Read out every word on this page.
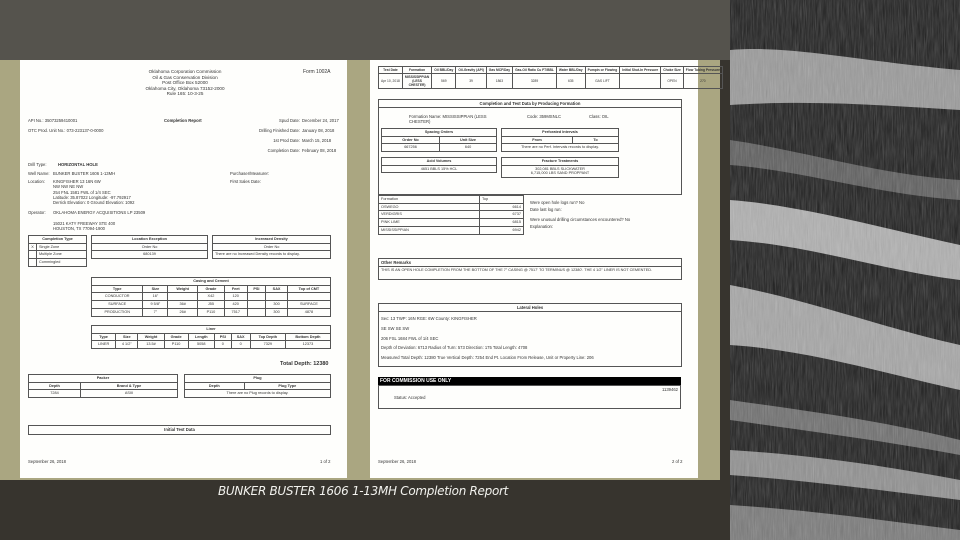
Oklahoma Corporation Commission
Oil & Gas Conservation Division
Post Office Box 52000
Oklahoma City, Oklahoma 73152-2000
Rule 165: 10-3-25
Form 1002A
API No.: 35073259410001
OTC Prod. Unit No.: 073-223137-0-0000
Completion Report	Spud Date: December 24, 2017
Drilling Finished Date: January 08, 2018
1st Prod Date: March 15, 2018
Completion Date: February 08, 2018
Drill Type:	HORIZONTAL HOLE
Well Name: BUNKER BUSTER 1606 1-13MH	Purchaser/Measurer:
First Sales Date:
Location: KINGFISHER 13 16N 6W
NW NW NE NW
254 FNL 1581 FWL of 1/4 SEC
Latitude: 35.87022 Longitude: -97.792917
Derrick Elevation: 0 Ground Elevation: 1092
Operator: OKLAHOMA ENERGY ACQUISITIONS LP 23509
15021 KATY FREEWAY STE 400
HOUSTON, TX 77094-1900
Completion Type	
X	Single Zone
	Multiple Zone
	Commingled
Location Exception
Order No
680139
Increased Density
Order No
There are no Increased Density records to display.
Casing and Cement							
Type	Size	Weight	Grade	Feet	PSI	SAX	Top of CMT
CONDUCTOR	16"		X42	120			
SURFACE	9 5/8"	36#	J55	420		300	SURFACE
PRODUCTION	7"	26#	P110	7517		300	4878
Liner								
Type	Size	Weight	Grade	Length	PSI	SAX	Top Depth	Bottom Depth
LINER	4 1/2"	13.5#	P110	5058	0	0	7329	12373
Total Depth: 12380
Packer	
Depth	Brand & Type
7284	ASIII
Plug
Depth	Plug Type
There are no Plug records to display.
Initial Test Data
September 26, 2018	1 of 2
Test Date	Formation	Oil BBL/Day	Oil-Gravity (API)	Gas MCF/Day	Gas-Oil Ratio Cu FT/BBL	Water BBL/Day	Pumpin or Flowing	Initial Shut-In Pressure	Choke Size	Flow Tubing Pressure
Apr 10, 2018	MISSISSIPPIAN (LESS CHESTER)	569	39	1863	3289	635	GAS LIFT		OPEN	270
Completion and Test Data by Producing Formation
Formation Name: MISSISSIPPIAN (LESS CHESTER)
Code: 359MSNLC	Class: OIL
Spacing Orders	
Order No	Unit Size
667256	640
Perforated Intervals
From	To
There are no Perf. Intervals records to display.
Acid Volumes
4651 BBLS 15% HCL
Fracture Treatments

302,081 BBLS SLICKWATER
6,715,000 LBS SAND PROPPANT
Formation	Top
OSWEGO	6614
VERDIGRIS	6737
PINK LIME	6815
MISSISSIPPIAN	6942
Were open hole logs run? No
Date last log run:
Were unusual drilling circumstances encountered? No
Explanation:
Other Remarks
THIS IS AN OPEN HOLE COMPLETION FROM THE BOTTOM OF THE 7" CASING @ 7517' TO TERMINUS @ 12380'. THE 4 1/2" LINER IS NOT CEMENTED.
Lateral Holes
Sec: 13 TWP: 16N RGE: 6W County: KINGFISHER
SE SW SE SW
206 FSL 1684 FWL of 1/4 SEC
Depth of Deviation: 6713 Radius of Turn: 573 Direction: 175 Total Length: 4708
Measured Total Depth: 12380 True Vertical Depth: 7254 End Pt. Location From Release, Unit or Property Line: 206
FOR COMMISSION USE ONLY
1139462
Status: Accepted
September 26, 2018	2 of 2
BUNKER BUSTER 1606 1-13MH Completion Report
